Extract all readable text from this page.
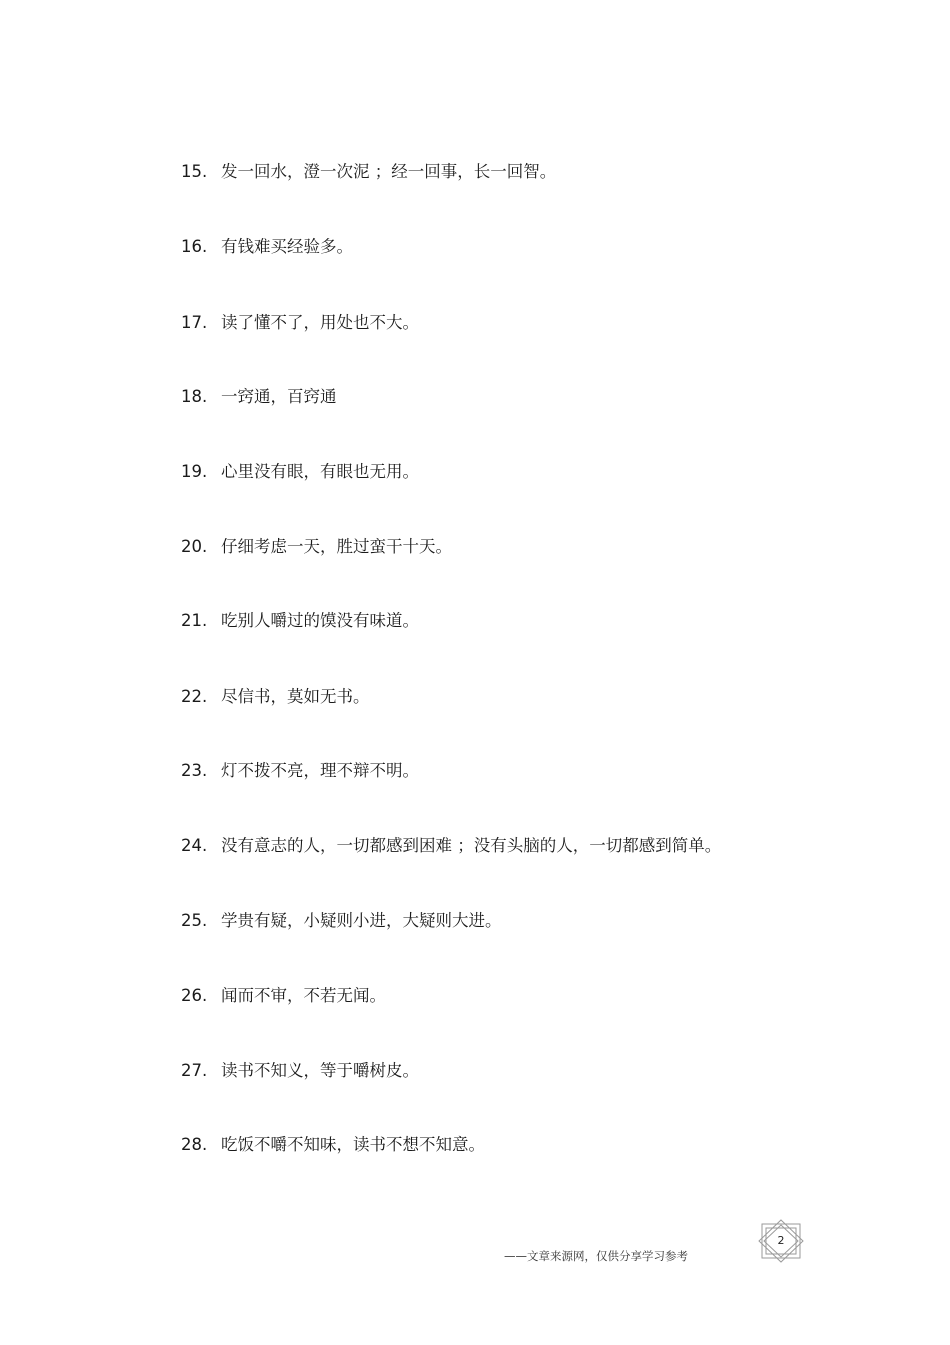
15. 发一回水，澄一次泥 ；经一回事，长一回智。
16. 有钱难买经验多。
17. 读了懂不了，用处也不大。
18. 一窍通，百窍通
19. 心里没有眼，有眼也无用。
20. 仔细考虑一天，胜过蛮干十天。
21. 吃别人嚼过的馍没有味道。
22. 尽信书，莫如无书。
23. 灯不拨不亮，理不辩不明。
24. 没有意志的人，一切都感到困难 ；没有头脑的人，一切都感到简单。
25. 学贵有疑，小疑则小进，大疑则大进。
26. 闻而不审，不若无闻。
27. 读书不知义，等于嚼树皮。
28. 吃饭不嚼不知味，读书不想不知意。
——文章来源网，仅供分享学习参考
2
